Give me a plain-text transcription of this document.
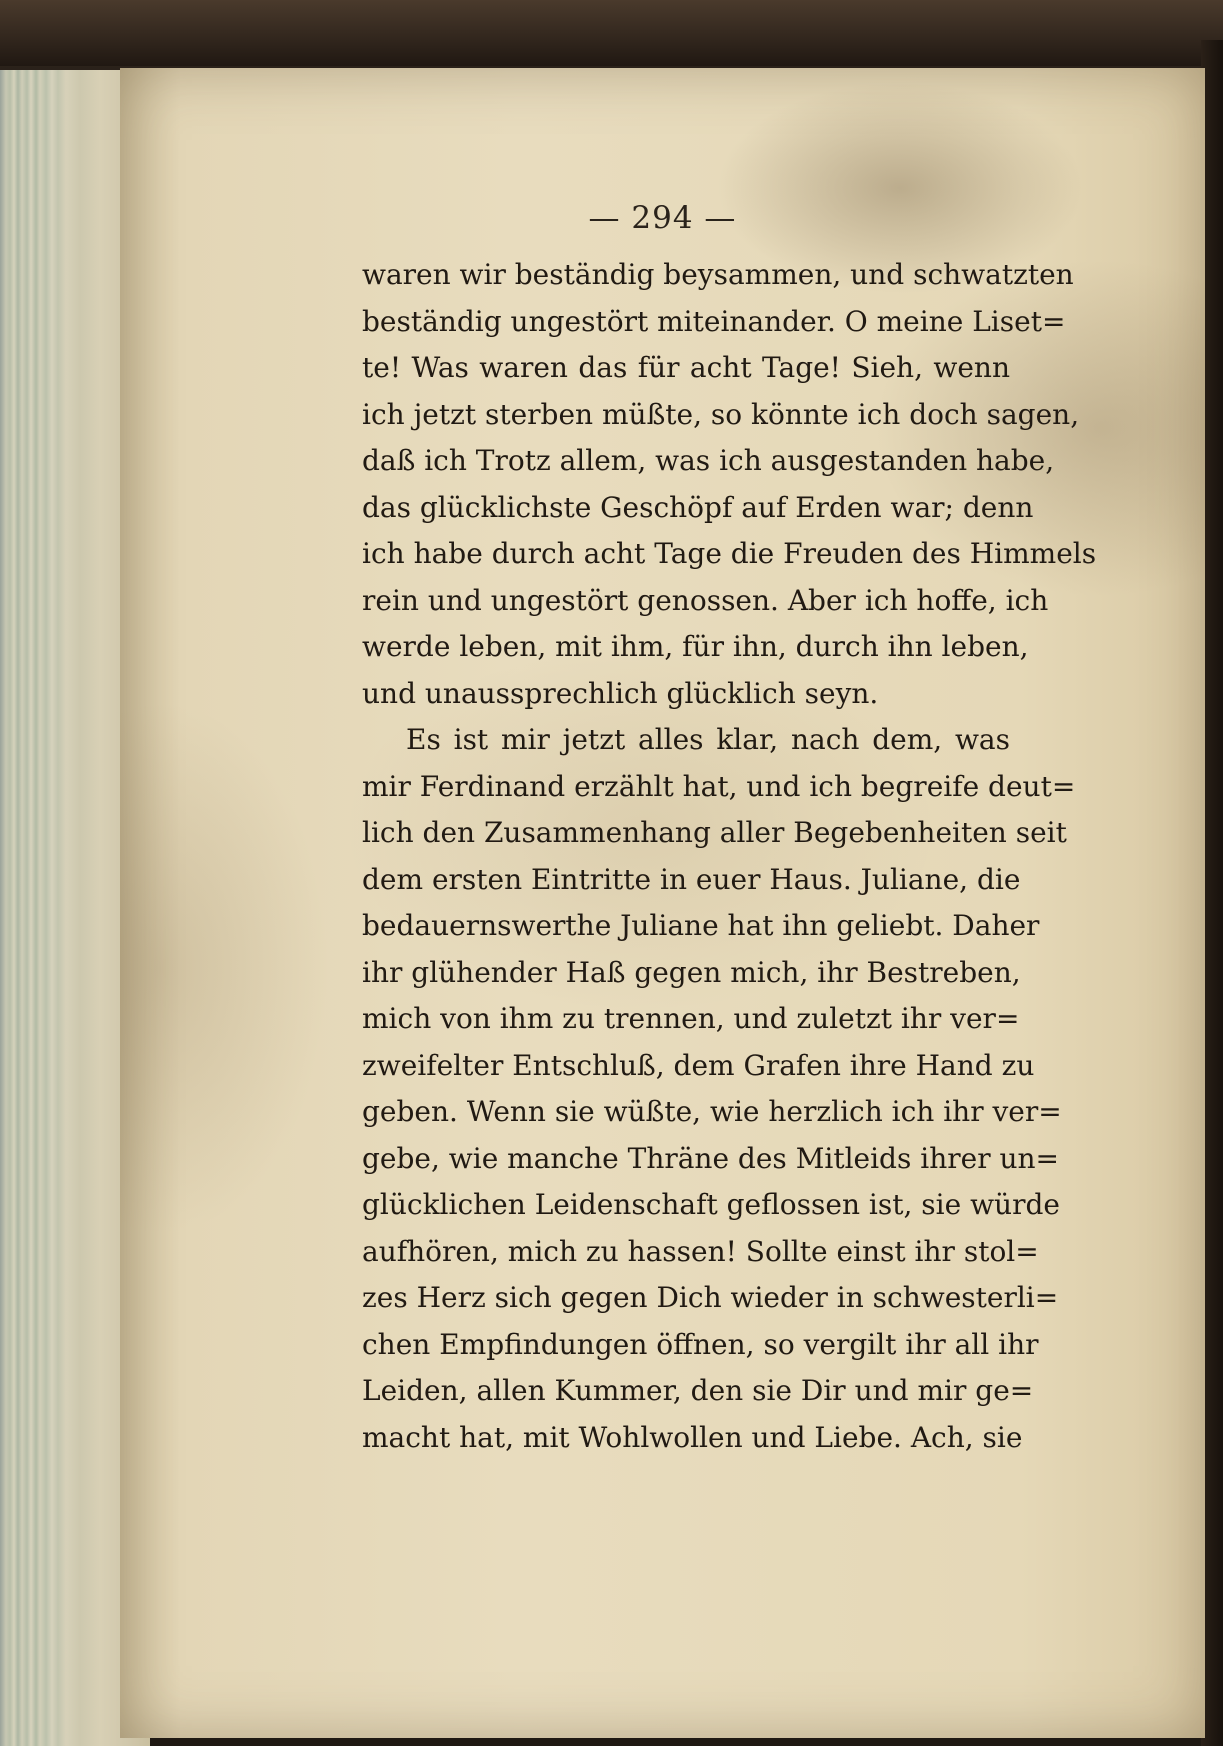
— 294 —
waren wir beständig beysammen, und schwatzten
beständig ungestört miteinander. O meine Liset=
te! Was waren das für acht Tage! Sieh, wenn
ich jetzt sterben müßte, so könnte ich doch sagen,
daß ich Trotz allem, was ich ausgestanden habe,
das glücklichste Geschöpf auf Erden war; denn
ich habe durch acht Tage die Freuden des Himmels
rein und ungestört genossen. Aber ich hoffe, ich
werde leben, mit ihm, für ihn, durch ihn leben,
und unaussprechlich glücklich seyn.
Es ist mir jetzt alles klar, nach dem, was
mir Ferdinand erzählt hat, und ich begreife deut=
lich den Zusammenhang aller Begebenheiten seit
dem ersten Eintritte in euer Haus. Juliane, die
bedauernswerthe Juliane hat ihn geliebt. Daher
ihr glühender Haß gegen mich, ihr Bestreben,
mich von ihm zu trennen, und zuletzt ihr ver=
zweifelter Entschluß, dem Grafen ihre Hand zu
geben. Wenn sie wüßte, wie herzlich ich ihr ver=
gebe, wie manche Thräne des Mitleids ihrer un=
glücklichen Leidenschaft geflossen ist, sie würde
aufhören, mich zu hassen! Sollte einst ihr stol=
zes Herz sich gegen Dich wieder in schwesterli=
chen Empfindungen öffnen, so vergilt ihr all ihr
Leiden, allen Kummer, den sie Dir und mir ge=
macht hat, mit Wohlwollen und Liebe. Ach, sie
